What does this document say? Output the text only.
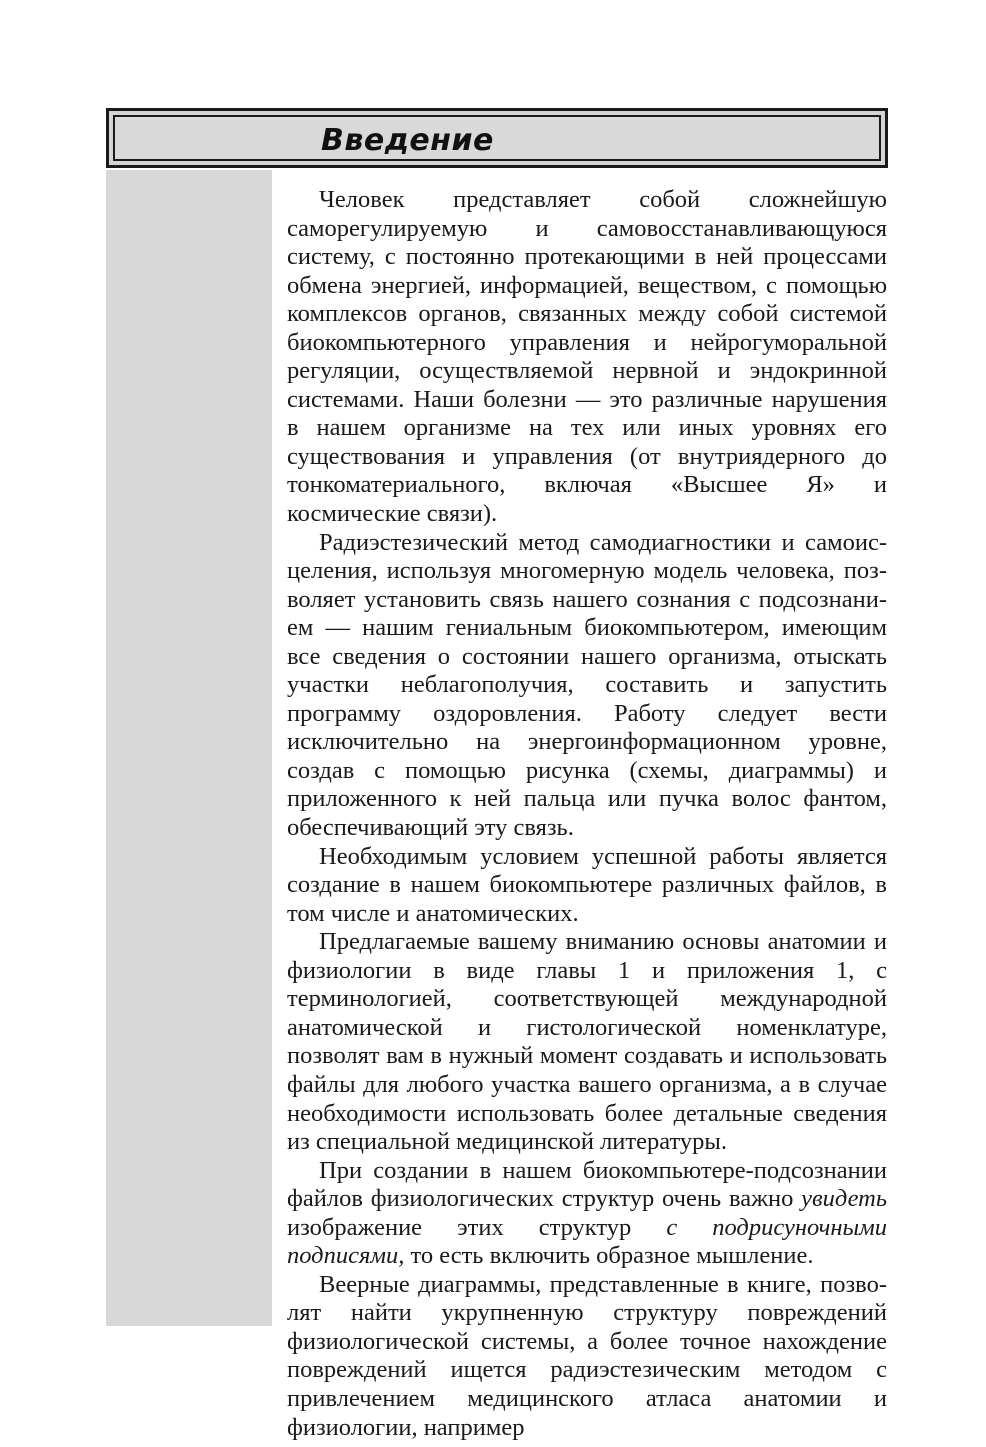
Введение

Человек представляет собой сложнейшую саморегулируемую и самовосстанавливающуюся систему, с постоянно протекающими в ней процессами обмена энергией, информацией, веществом, с помощью комплексов органов, связанных между собой системой биокомпьютерного управления и нейрогуморальной регуляции, осуществляемой нервной и эндокринной системами. Наши болезни — это различные нарушения в нашем организме на тех или иных уровнях его существования и управления (от внутриядерного до тонкоматериального, включая «Высшее Я» и космические связи).

Радиэстезический метод самодиагностики и самоисцеления, используя многомерную модель человека, позволяет установить связь нашего сознания с подсознанием — нашим гениальным биокомпьютером, имеющим все сведения о состоянии нашего организма, отыскать участки неблагополучия, составить и запустить программу оздоровления. Работу следует вести исключительно на энергоинформационном уровне, создав с помощью рисунка (схемы, диаграммы) и приложенного к ней пальца или пучка волос фантом, обеспечивающий эту связь.

Необходимым условием успешной работы является создание в нашем биокомпьютере различных файлов, в том числе и анатомических.

Предлагаемые вашему вниманию основы анатомии и физиологии в виде главы 1 и приложения 1, с терминологией, соответствующей международной анатомической и гистологической номенклатуре, позволят вам в нужный момент создавать и использовать файлы для любого участка вашего организма, а в случае необходимости использовать более детальные сведения из специальной медицинской литературы.

При создании в нашем биокомпьютере-подсознании файлов физиологических структур очень важно увидеть изображение этих структур с подрисуночными подписями, то есть включить образное мышление.

Веерные диаграммы, представленные в книге, позволят найти укрупненную структуру повреждений физиологической системы, а более точное нахождение повреждений ищется радиэстезическим методом с привлечением медицинского атласа анатомии и физиологии, например
